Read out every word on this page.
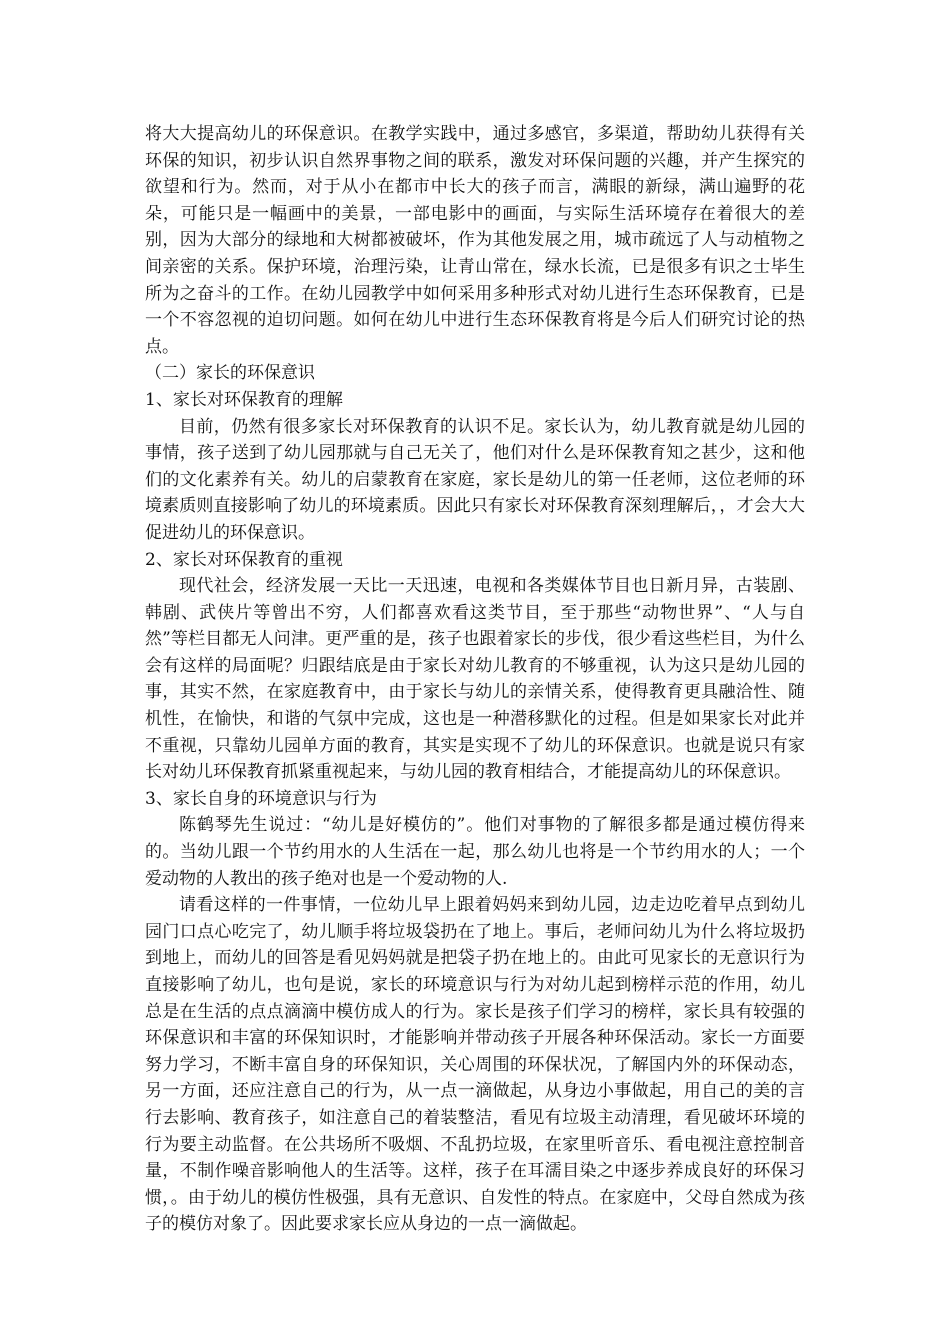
将大大提高幼儿的环保意识。在教学实践中，通过多感官，多渠道，帮助幼儿获得有关环保的知识，初步认识自然界事物之间的联系，激发对环保问题的兴趣，并产生探究的欲望和行为。然而，对于从小在都市中长大的孩子而言，满眼的新绿，满山遍野的花朵，可能只是一幅画中的美景，一部电影中的画面，与实际生活环境存在着很大的差别，因为大部分的绿地和大树都被破坏，作为其他发展之用，城市疏远了人与动植物之间亲密的关系。保护环境，治理污染，让青山常在，绿水长流，已是很多有识之士毕生所为之奋斗的工作。在幼儿园教学中如何采用多种形式对幼儿进行生态环保教育，已是一个不容忽视的迫切问题。如何在幼儿中进行生态环保教育将是今后人们研究讨论的热点。

（二）家长的环保意识

1、家长对环保教育的理解

目前，仍然有很多家长对环保教育的认识不足。家长认为，幼儿教育就是幼儿园的事情，孩子送到了幼儿园那就与自己无关了，他们对什么是环保教育知之甚少，这和他们的文化素养有关。幼儿的启蒙教育在家庭，家长是幼儿的第一任老师，这位老师的环境素质则直接影响了幼儿的环境素质。因此只有家长对环保教育深刻理解后，，才会大大促进幼儿的环保意识。

2、家长对环保教育的重视

现代社会，经济发展一天比一天迅速，电视和各类媒体节目也日新月异，古装剧、韩剧、武侠片等曾出不穷，人们都喜欢看这类节目，至于那些“动物世界”、“人与自然”等栏目都无人问津。更严重的是，孩子也跟着家长的步伐，很少看这些栏目，为什么会有这样的局面呢？归跟结底是由于家长对幼儿教育的不够重视，认为这只是幼儿园的事，其实不然，在家庭教育中，由于家长与幼儿的亲情关系，使得教育更具融洽性、随机性，在愉快，和谐的气氛中完成，这也是一种潜移默化的过程。但是如果家长对此并不重视，只靠幼儿园单方面的教育，其实是实现不了幼儿的环保意识。也就是说只有家长对幼儿环保教育抓紧重视起来，与幼儿园的教育相结合，才能提高幼儿的环保意识。

3、家长自身的环境意识与行为

陈鹤琴先生说过：“幼儿是好模仿的”。他们对事物的了解很多都是通过模仿得来的。当幼儿跟一个节约用水的人生活在一起，那么幼儿也将是一个节约用水的人；一个爱动物的人教出的孩子绝对也是一个爱动物的人.

请看这样的一件事情，一位幼儿早上跟着妈妈来到幼儿园，边走边吃着早点到幼儿园门口点心吃完了，幼儿顺手将垃圾袋扔在了地上。事后，老师问幼儿为什么将垃圾扔到地上，而幼儿的回答是看见妈妈就是把袋子扔在地上的。由此可见家长的无意识行为直接影响了幼儿，也句是说，家长的环境意识与行为对幼儿起到榜样示范的作用，幼儿总是在生活的点点滴滴中模仿成人的行为。家长是孩子们学习的榜样，家长具有较强的环保意识和丰富的环保知识时，才能影响并带动孩子开展各种环保活动。家长一方面要努力学习，不断丰富自身的环保知识，关心周围的环保状况，了解国内外的环保动态，另一方面，还应注意自己的行为，从一点一滴做起，从身边小事做起，用自己的美的言行去影响、教育孩子，如注意自己的着装整洁，看见有垃圾主动清理，看见破坏环境的行为要主动监督。在公共场所不吸烟、不乱扔垃圾，在家里听音乐、看电视注意控制音量，不制作噪音影响他人的生活等。这样，孩子在耳濡目染之中逐步养成良好的环保习惯，。由于幼儿的模仿性极强，具有无意识、自发性的特点。在家庭中，父母自然成为孩子的模仿对象了。因此要求家长应从身边的一点一滴做起。
